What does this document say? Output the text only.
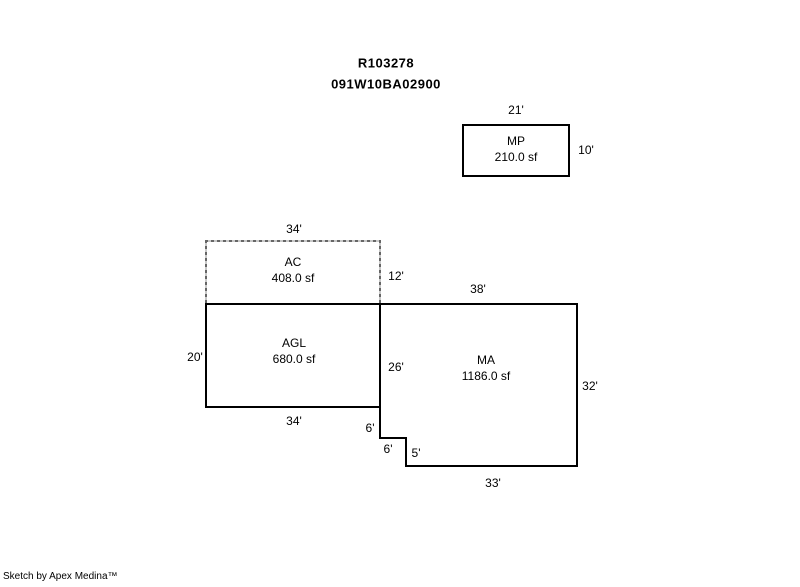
R103278
091W10BA02900
21'
10'
MP
210.0 sf
34'
12'
AC
408.0 sf
20'
34'
AGL
680.0 sf
38'
26'
32'
33'
6'
6' 5'
MA
1186.0 sf
Sketch by Apex Medina™
